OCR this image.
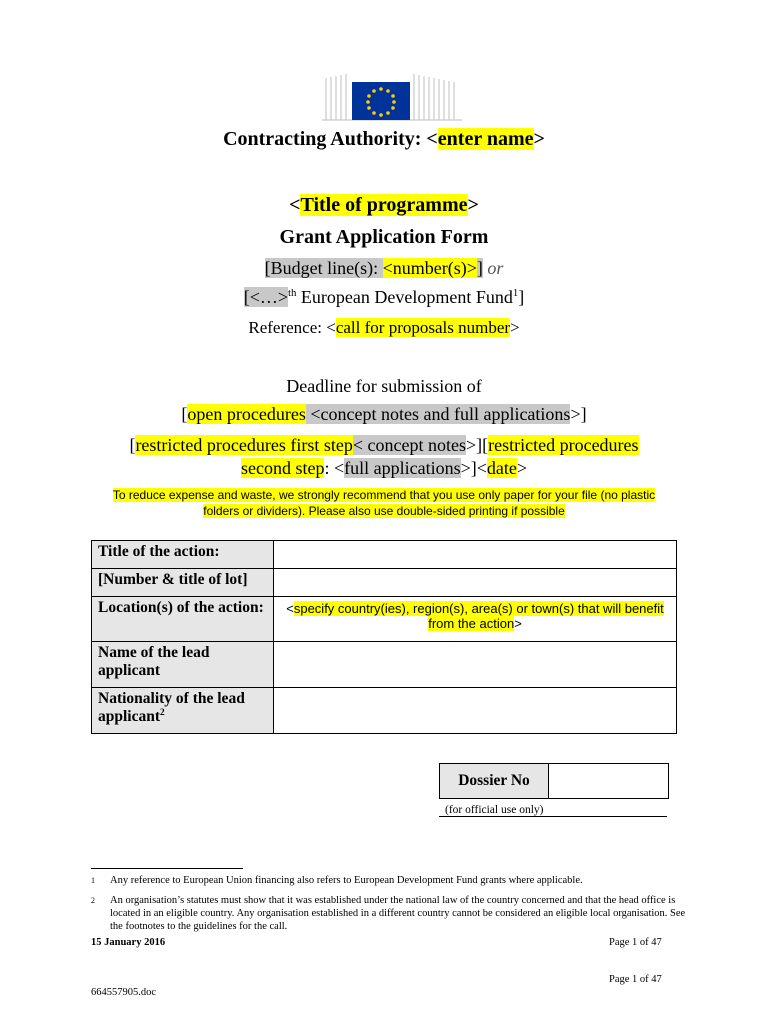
Contracting Authority: <enter name>
<Title of programme>
Grant Application Form
[Budget line(s): <number(s)>] or
[<…>$^{th}$ European Development Fund$^1$]
Reference: <call for proposals number>
Deadline for submission of
[open procedures <concept notes and full applications>]
[restricted procedures first step< concept notes>][restricted procedures
second step: <full applications>]<date>
To reduce expense and waste, we strongly recommend that you use only paper for your file (no plastic folders or dividers). Please also use double-sided printing if possible
Title of the action:	
[Number & title of lot]	
Location(s) of the action:	<specify country(ies), region(s), area(s) or town(s) that will benefit from the action>
Name of the lead applicant	
Nationality of the lead applicant$^2$	
Dossier No
(for official use only)
1 Any reference to European Union financing also refers to European Development Fund grants where applicable.
2 An organisation’s statutes must show that it was established under the national law of the country concerned and that the head office is located in an eligible country. Any organisation established in a different country cannot be considered an eligible local organisation. See the footnotes to the guidelines for the call.
15 January 2016	Page 1 of 47
Page 1 of 47
664557905.doc
